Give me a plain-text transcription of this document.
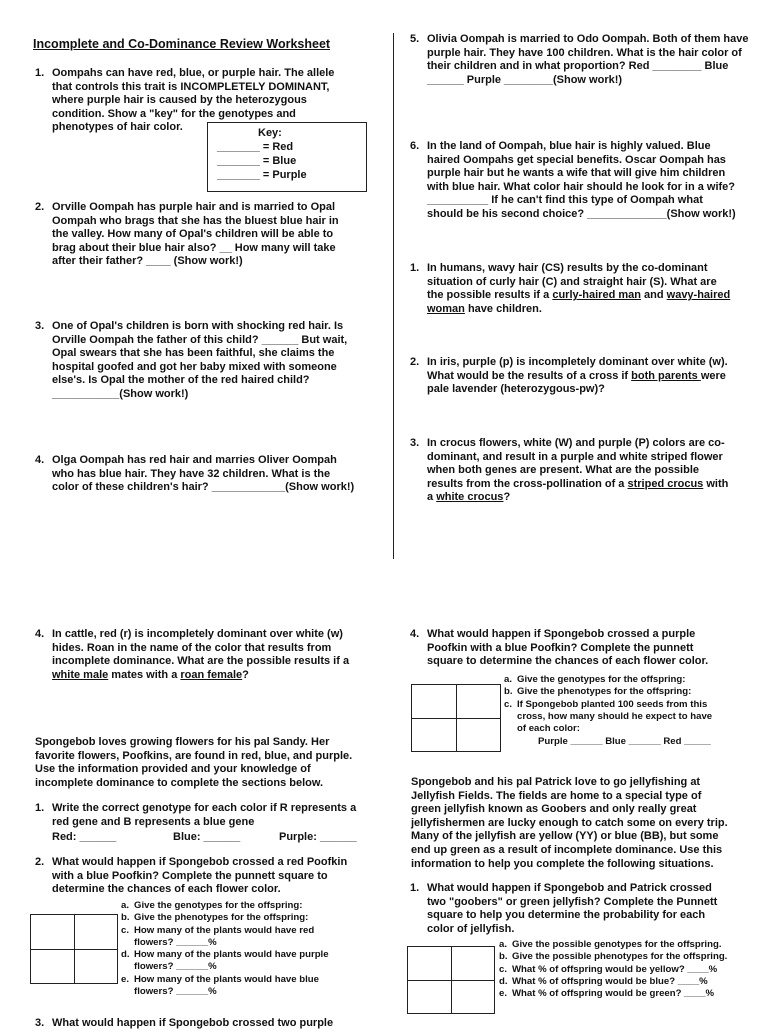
Incomplete and Co-Dominance Review Worksheet
1. Oompahs can have red, blue, or purple hair. The allele
that controls this trait is INCOMPLETELY DOMINANT,
where purple hair is caused by the heterozygous
condition. Show a "key" for the genotypes and
phenotypes of hair color.	Key:
_______ = Red
_______ = Blue
_______ = Purple
2. Orville Oompah has purple hair and is married to Opal
Oompah who brags that she has the bluest blue hair in
the valley. How many of Opal's children will be able to
brag about their blue hair also? __ How many will take
after their father? ____ (Show work!)

3. One of Opal's children is born with shocking red hair. Is
Orville Oompah the father of this child? ______ But wait,
Opal swears that she has been faithful, she claims the
hospital goofed and got her baby mixed with someone
else's. Is Opal the mother of the red haired child?
___________(Show work!)

4. Olga Oompah has red hair and marries Oliver Oompah
who has blue hair. They have 32 children. What is the
color of these children's hair? ____________(Show work!)

5. Olivia Oompah is married to Odo Oompah. Both of them have
purple hair. They have 100 children. What is the hair color of
their children and in what proportion? Red ________ Blue
______ Purple ________(Show work!)

6. In the land of Oompah, blue hair is highly valued. Blue
haired Oompahs get special benefits. Oscar Oompah has
purple hair but he wants a wife that will give him children
with blue hair. What color hair should he look for in a wife?
__________ If he can't find this type of Oompah what
should be his second choice? _____________(Show work!)

1. In humans, wavy hair (CS) results by the co-dominant
situation of curly hair (C) and straight hair (S). What are
the possible results if a curly-haired man and wavy-haired
woman have children.

2. In iris, purple (p) is incompletely dominant over white (w).
What would be the results of a cross if both parents were
pale lavender (heterozygous-pw)?

3. In crocus flowers, white (W) and purple (P) colors are co-
dominant, and result in a purple and white striped flower
when both genes are present. What are the possible
results from the cross-pollination of a striped crocus with
a white crocus?

4. In cattle, red (r) is incompletely dominant over white (w)
hides. Roan in the name of the color that results from
incomplete dominance. What are the possible results if a
white male mates with a roan female?

Spongebob loves growing flowers for his pal Sandy. Her
favorite flowers, Poofkins, are found in red, blue, and purple.
Use the information provided and your knowledge of
incomplete dominance to complete the sections below.

1. Write the correct genotype for each color if R represents a
red gene and B represents a blue gene

Red: ______	Blue: ______	Purple: ______
2. What would happen if Spongebob crossed a red Poofkin
with a blue Poofkin? Complete the punnett square to
determine the chances of each flower color.

a. Give the genotypes for the offspring:
b. Give the phenotypes for the offspring:
c. How many of the plants would have red
flowers? ______%
d. How many of the plants would have purple
flowers? ______%
e. How many of the plants would have blue
flowers? ______%
3. What would happen if Spongebob crossed two purple

4. What would happen if Spongebob crossed a purple
Poofkin with a blue Poofkin? Complete the punnett
square to determine the chances of each flower color.

a. Give the genotypes for the offspring:
b. Give the phenotypes for the offspring:
c. If Spongebob planted 100 seeds from this
cross, how many should he expect to have
of each color:
Purple ______ Blue ______ Red _____

Spongebob and his pal Patrick love to go jellyfishing at
Jellyfish Fields. The fields are home to a special type of
green jellyfish known as Goobers and only really great
jellyfishermen are lucky enough to catch some on every trip.
Many of the jellyfish are yellow (YY) or blue (BB), but some
end up green as a result of incomplete dominance. Use this
information to help you complete the following situations.

1. What would happen if Spongebob and Patrick crossed
two "goobers" or green jellyfish? Complete the Punnett
square to help you determine the probability for each
color of jellyfish.

a. Give the possible genotypes for the offspring.
b. Give the possible phenotypes for the offspring.
c. What % of offspring would be yellow? ____%
d. What % of offspring would be blue? ____%
e. What % of offspring would be green? ____%
